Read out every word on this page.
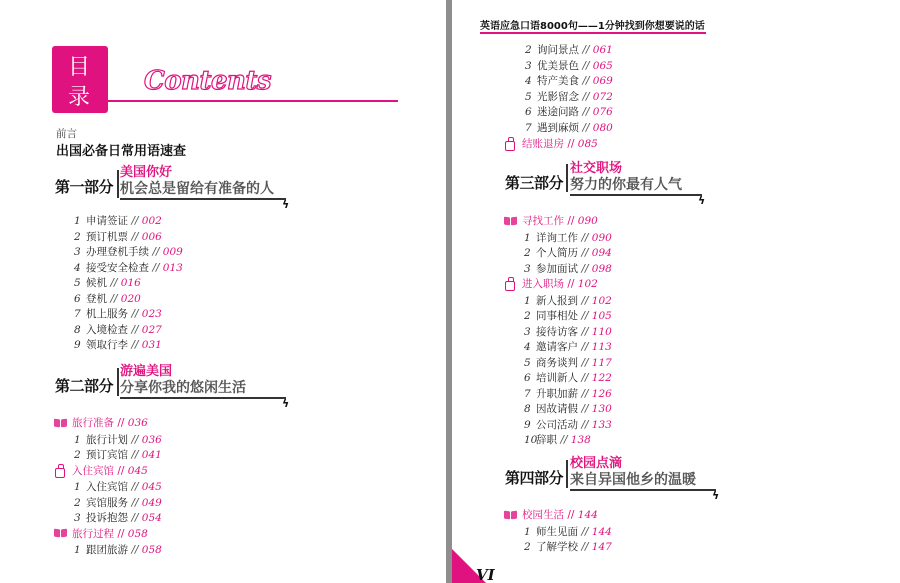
目
录
Contents
前言
出国必备日常用语速查
第一部分
美国你好
机会总是留给有准备的人
ϟ
1 申请签证 // 002
2 预订机票 // 006
3 办理登机手续 // 009
4 接受安全检查 // 013
5 候机 // 016
6 登机 // 020
7 机上服务 // 023
8 入境检查 // 027
9 领取行李 // 031
第二部分
游遍美国
分享你我的悠闲生活
ϟ
旅行准备 // 036
1 旅行计划 // 036
2 预订宾馆 // 041
入住宾馆 // 045
1 入住宾馆 // 045
2 宾馆服务 // 049
3 投诉抱怨 // 054
旅行过程 // 058
1 跟团旅游 // 058
英语应急口语8000句——1分钟找到你想要说的话
2 询问景点 // 061
3 优美景色 // 065
4 特产美食 // 069
5 光影留念 // 072
6 迷途问路 // 076
7 遇到麻烦 // 080
结账退房 // 085
第三部分
社交职场
努力的你最有人气
ϟ
寻找工作 // 090
1 详询工作 // 090
2 个人简历 // 094
3 参加面试 // 098
进入职场 // 102
1 新人报到 // 102
2 同事相处 // 105
3 接待访客 // 110
4 邀请客户 // 113
5 商务谈判 // 117
6 培训新人 // 122
7 升职加薪 // 126
8 因故请假 // 130
9 公司活动 // 133
10辞职 // 138
第四部分
校园点滴
来自异国他乡的温暖
ϟ
校园生活 // 144
1 师生见面 // 144
2 了解学校 // 147
VI
